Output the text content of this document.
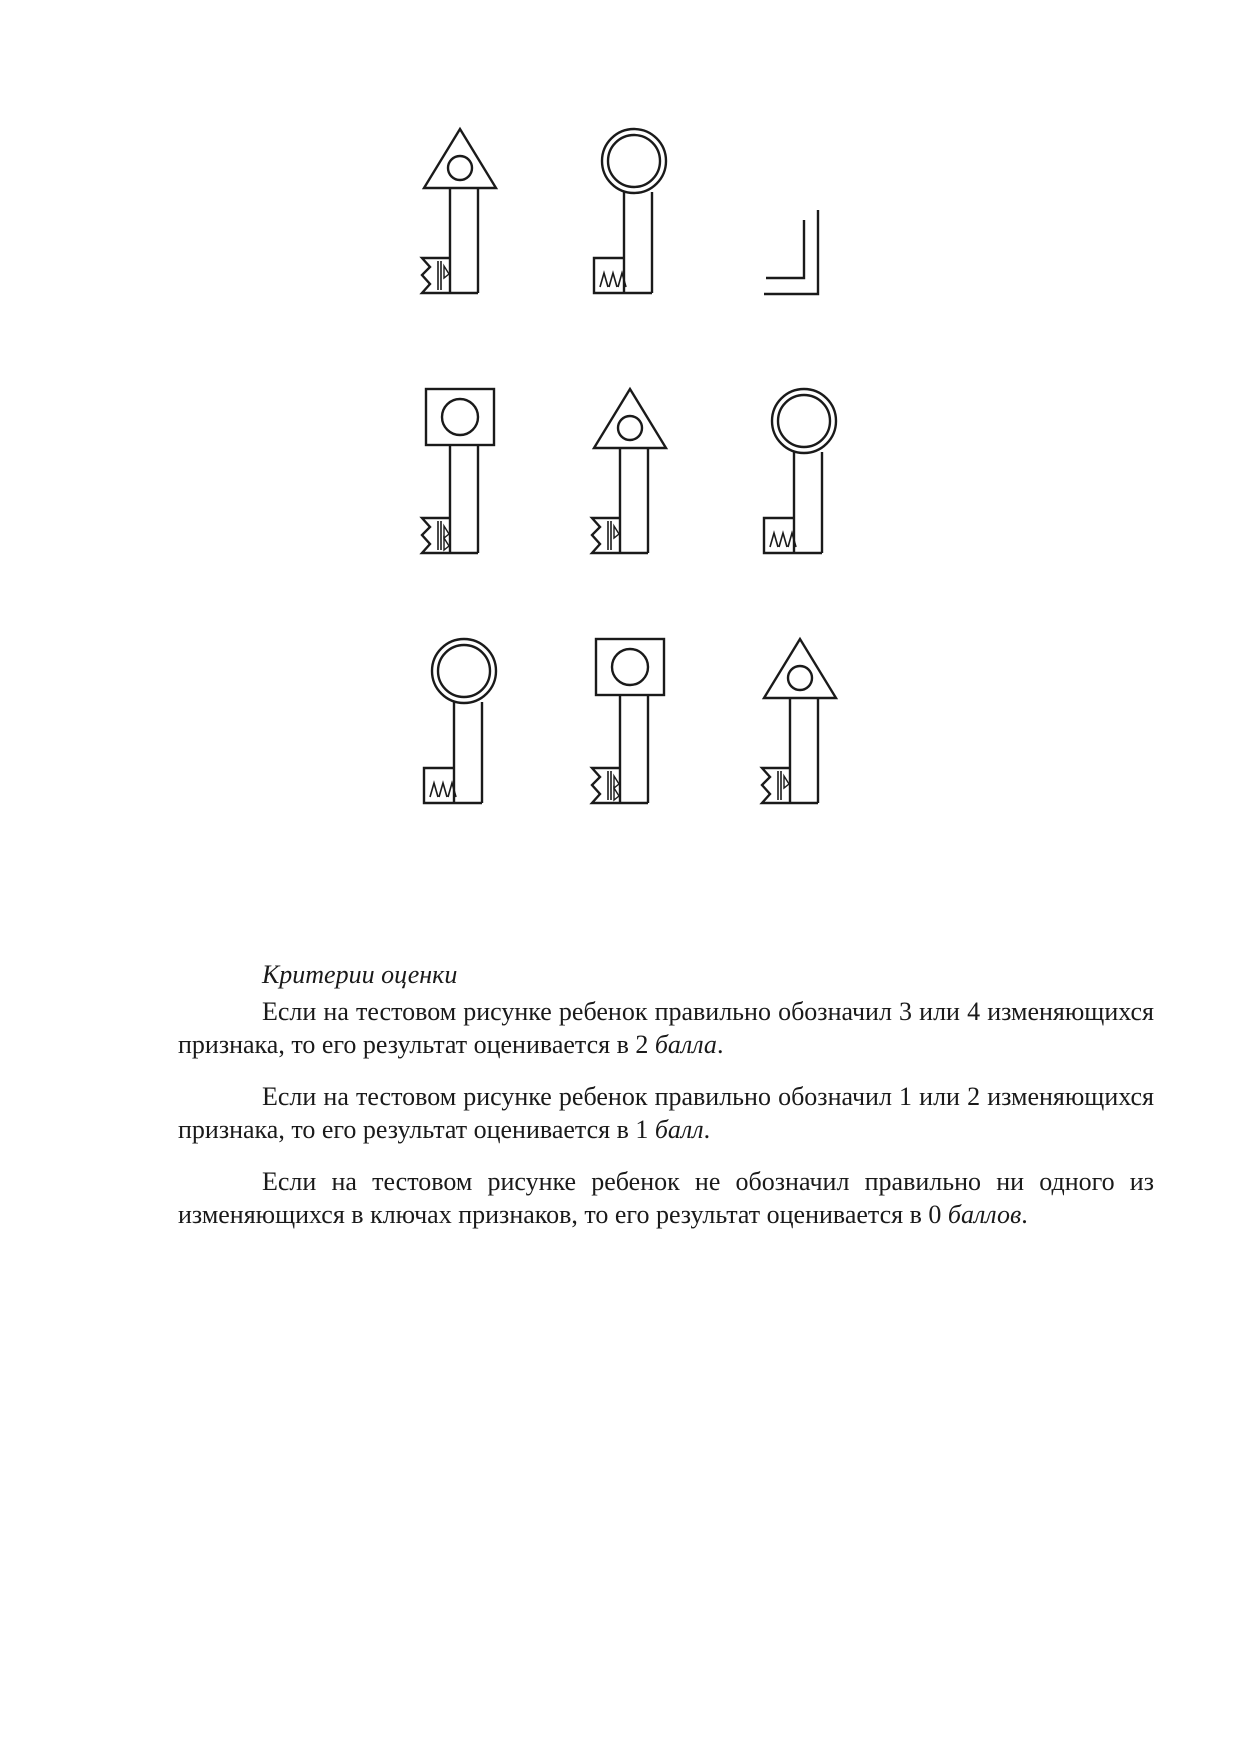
Критерии оценки

Если на тестовом рисунке ребенок правильно обозначил 3 или 4 изменяющихся признака, то его результат оценивается в 2 балла.

Если на тестовом рисунке ребенок правильно обозначил 1 или 2 изменяющихся признака, то его результат оценивается в 1 балл.

Если на тестовом рисунке ребенок не обозначил правильно ни одного из изменяющихся в ключах признаков, то его результат оценивается в 0 баллов.
